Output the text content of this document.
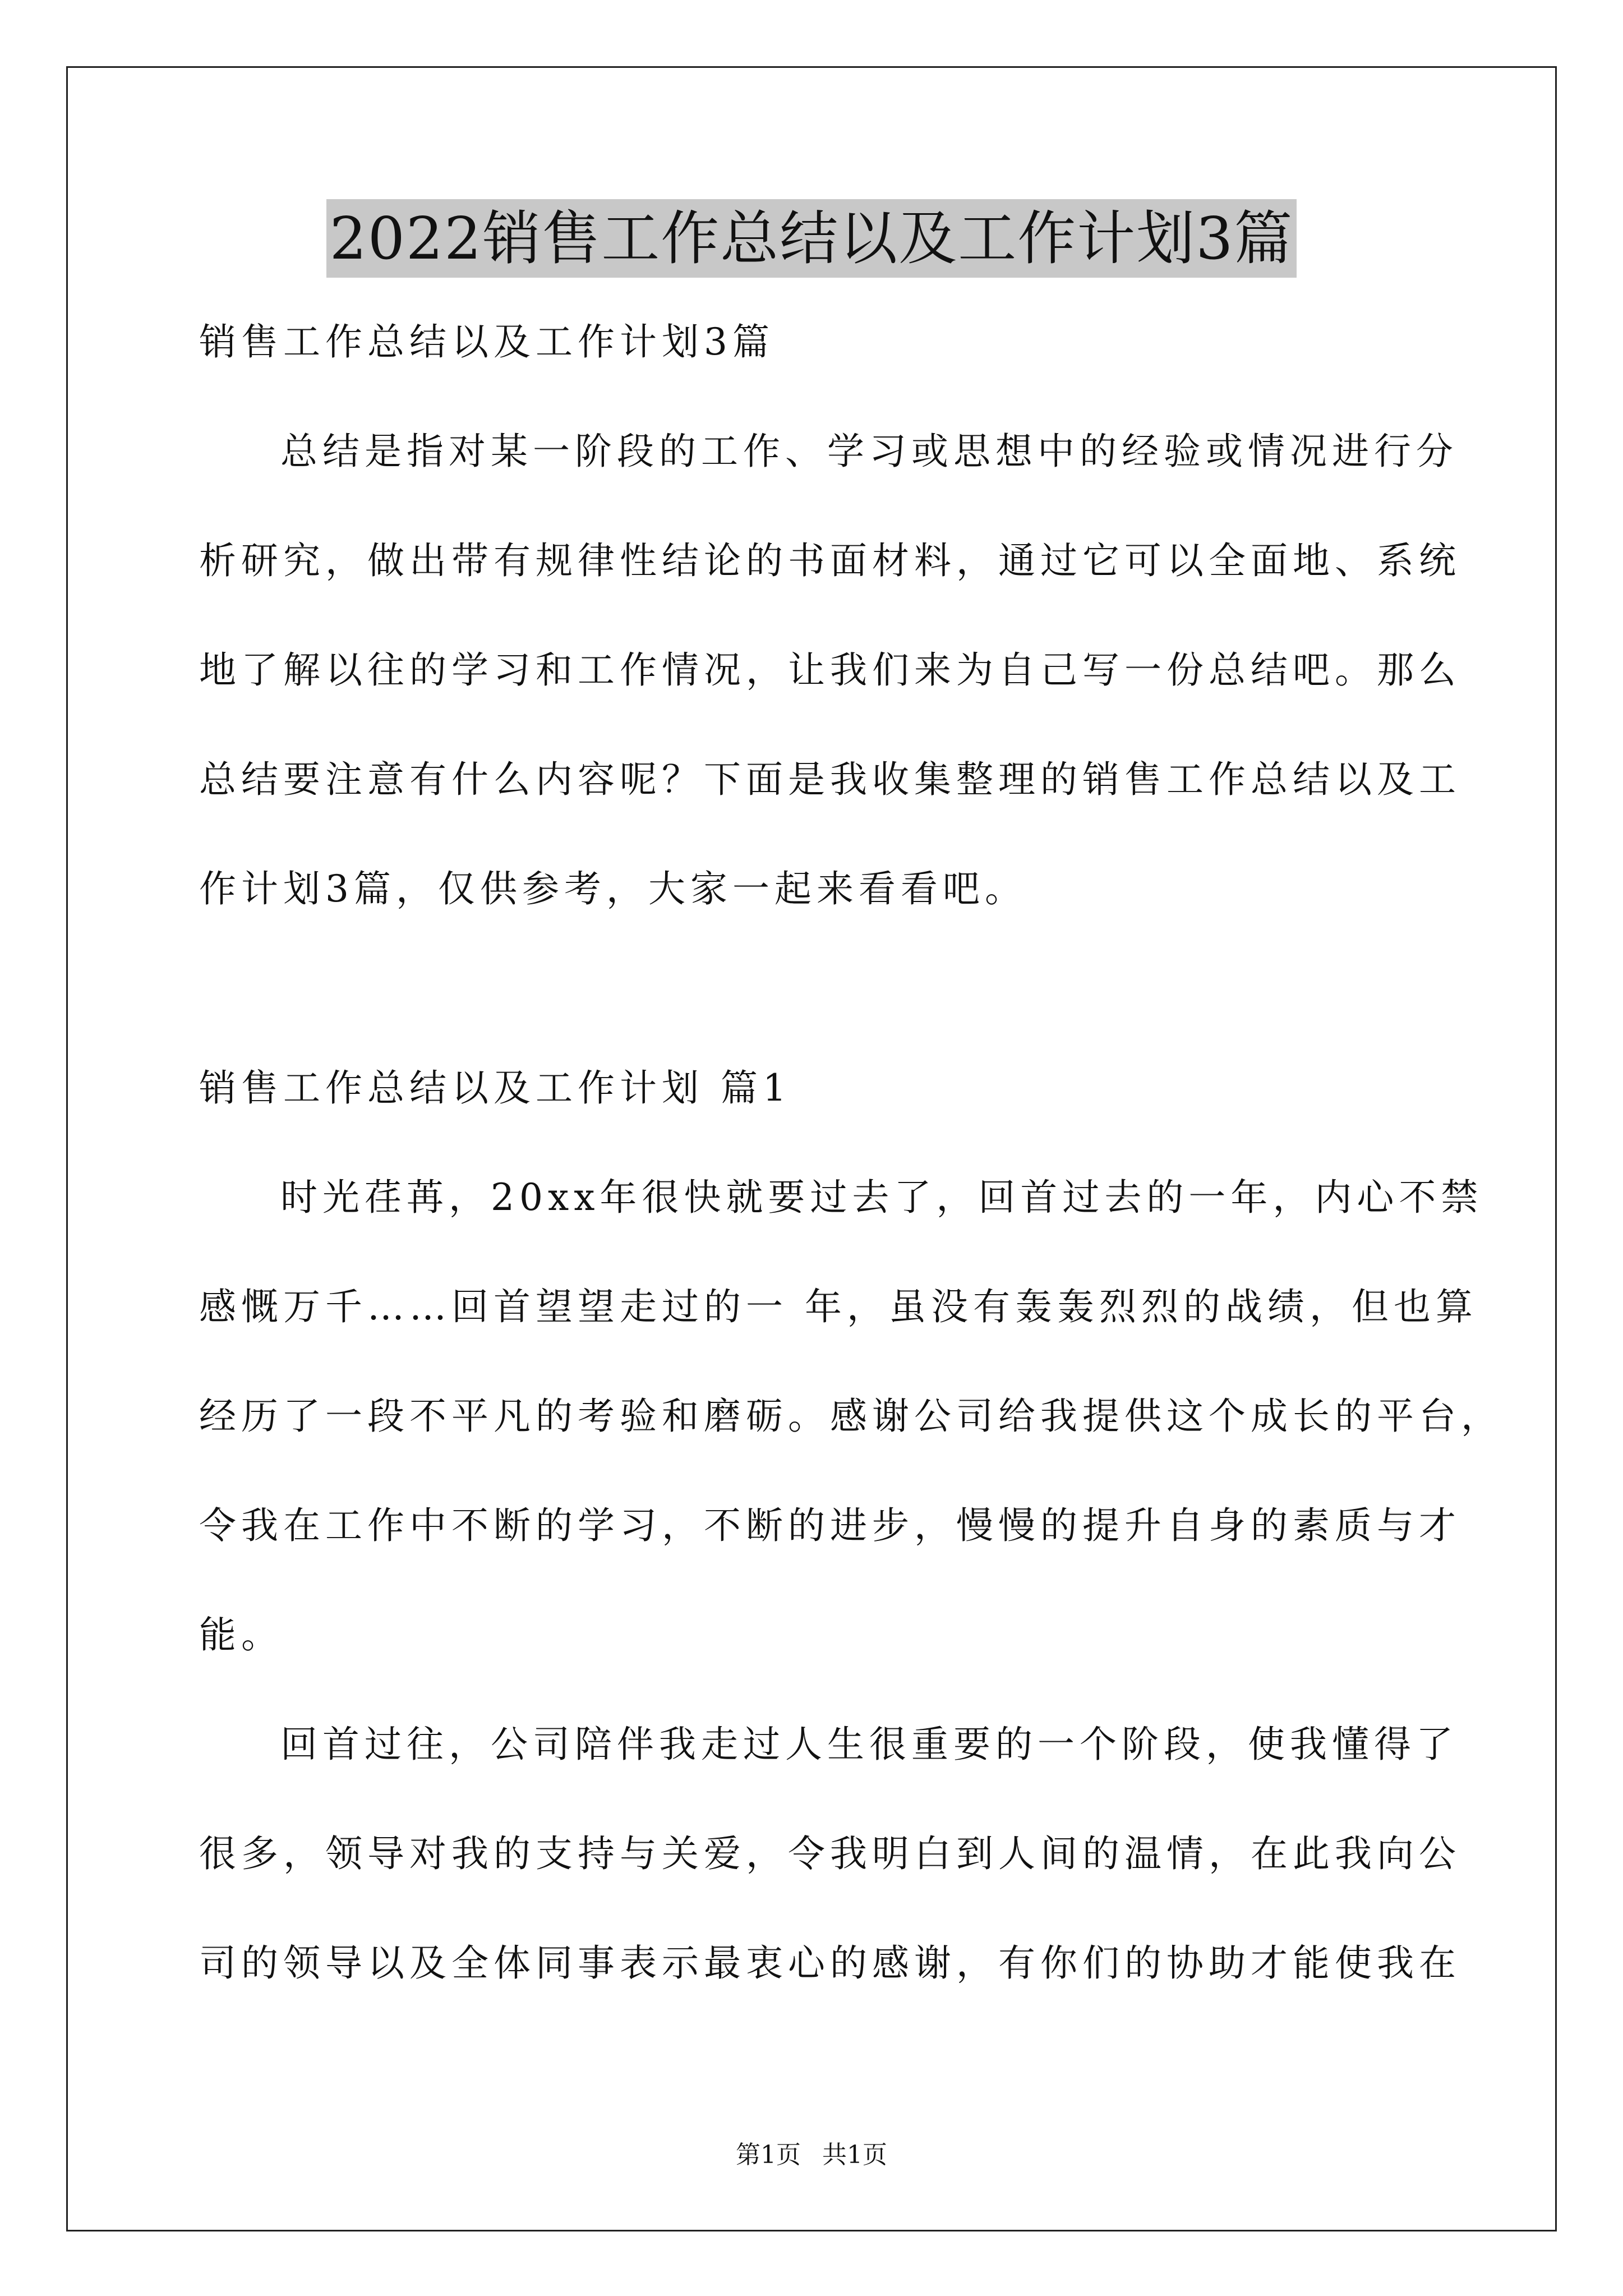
2022销售工作总结以及工作计划3篇
销售工作总结以及工作计划3篇
总结是指对某一阶段的工作、学习或思想中的经验或情况进行分
析研究，做出带有规律性结论的书面材料，通过它可以全面地、系统
地了解以往的学习和工作情况，让我们来为自己写一份总结吧。那么
总结要注意有什么内容呢？下面是我收集整理的销售工作总结以及工
作计划3篇，仅供参考，大家一起来看看吧。
销售工作总结以及工作计划 篇1
时光荏苒，20xx年很快就要过去了，回首过去的一年，内心不禁
感慨万千……回首望望走过的一 年，虽没有轰轰烈烈的战绩，但也算
经历了一段不平凡的考验和磨砺。感谢公司给我提供这个成长的平台，
令我在工作中不断的学习，不断的进步，慢慢的提升自身的素质与才
能。
回首过往，公司陪伴我走过人生很重要的一个阶段，使我懂得了
很多，领导对我的支持与关爱，令我明白到人间的温情，在此我向公
司的领导以及全体同事表示最衷心的感谢，有你们的协助才能使我在
第1页 共1页
